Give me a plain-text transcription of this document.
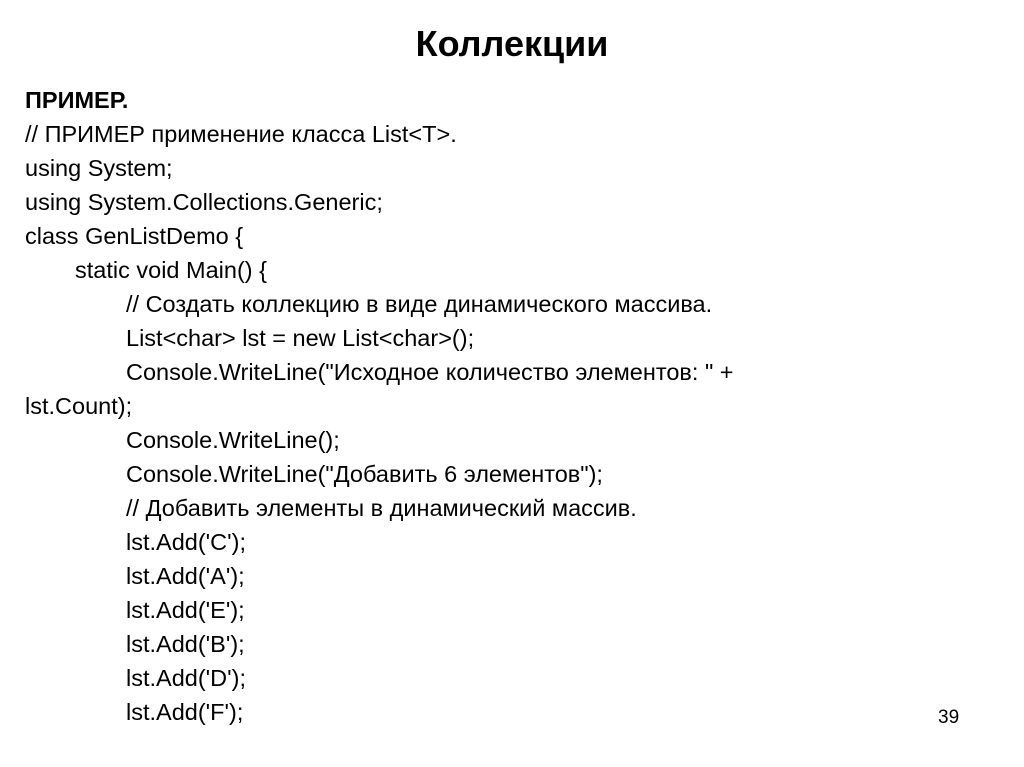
Коллекции
ПРИМЕР.
// ПРИМЕР применение класса List<T>.
using System;
using System.Collections.Generic;
class GenListDemo {
static void Main() {
// Создать коллекцию в виде динамического массива.
List<char> lst = new List<char>();
Console.WriteLine("Исходное количество элементов: " +
lst.Count);
Console.WriteLine();
Console.WriteLine("Добавить 6 элементов");
// Добавить элементы в динамический массив.
lst.Add('C');
lst.Add('A');
lst.Add('E');
lst.Add('B');
lst.Add('D');
lst.Add('F');	39
